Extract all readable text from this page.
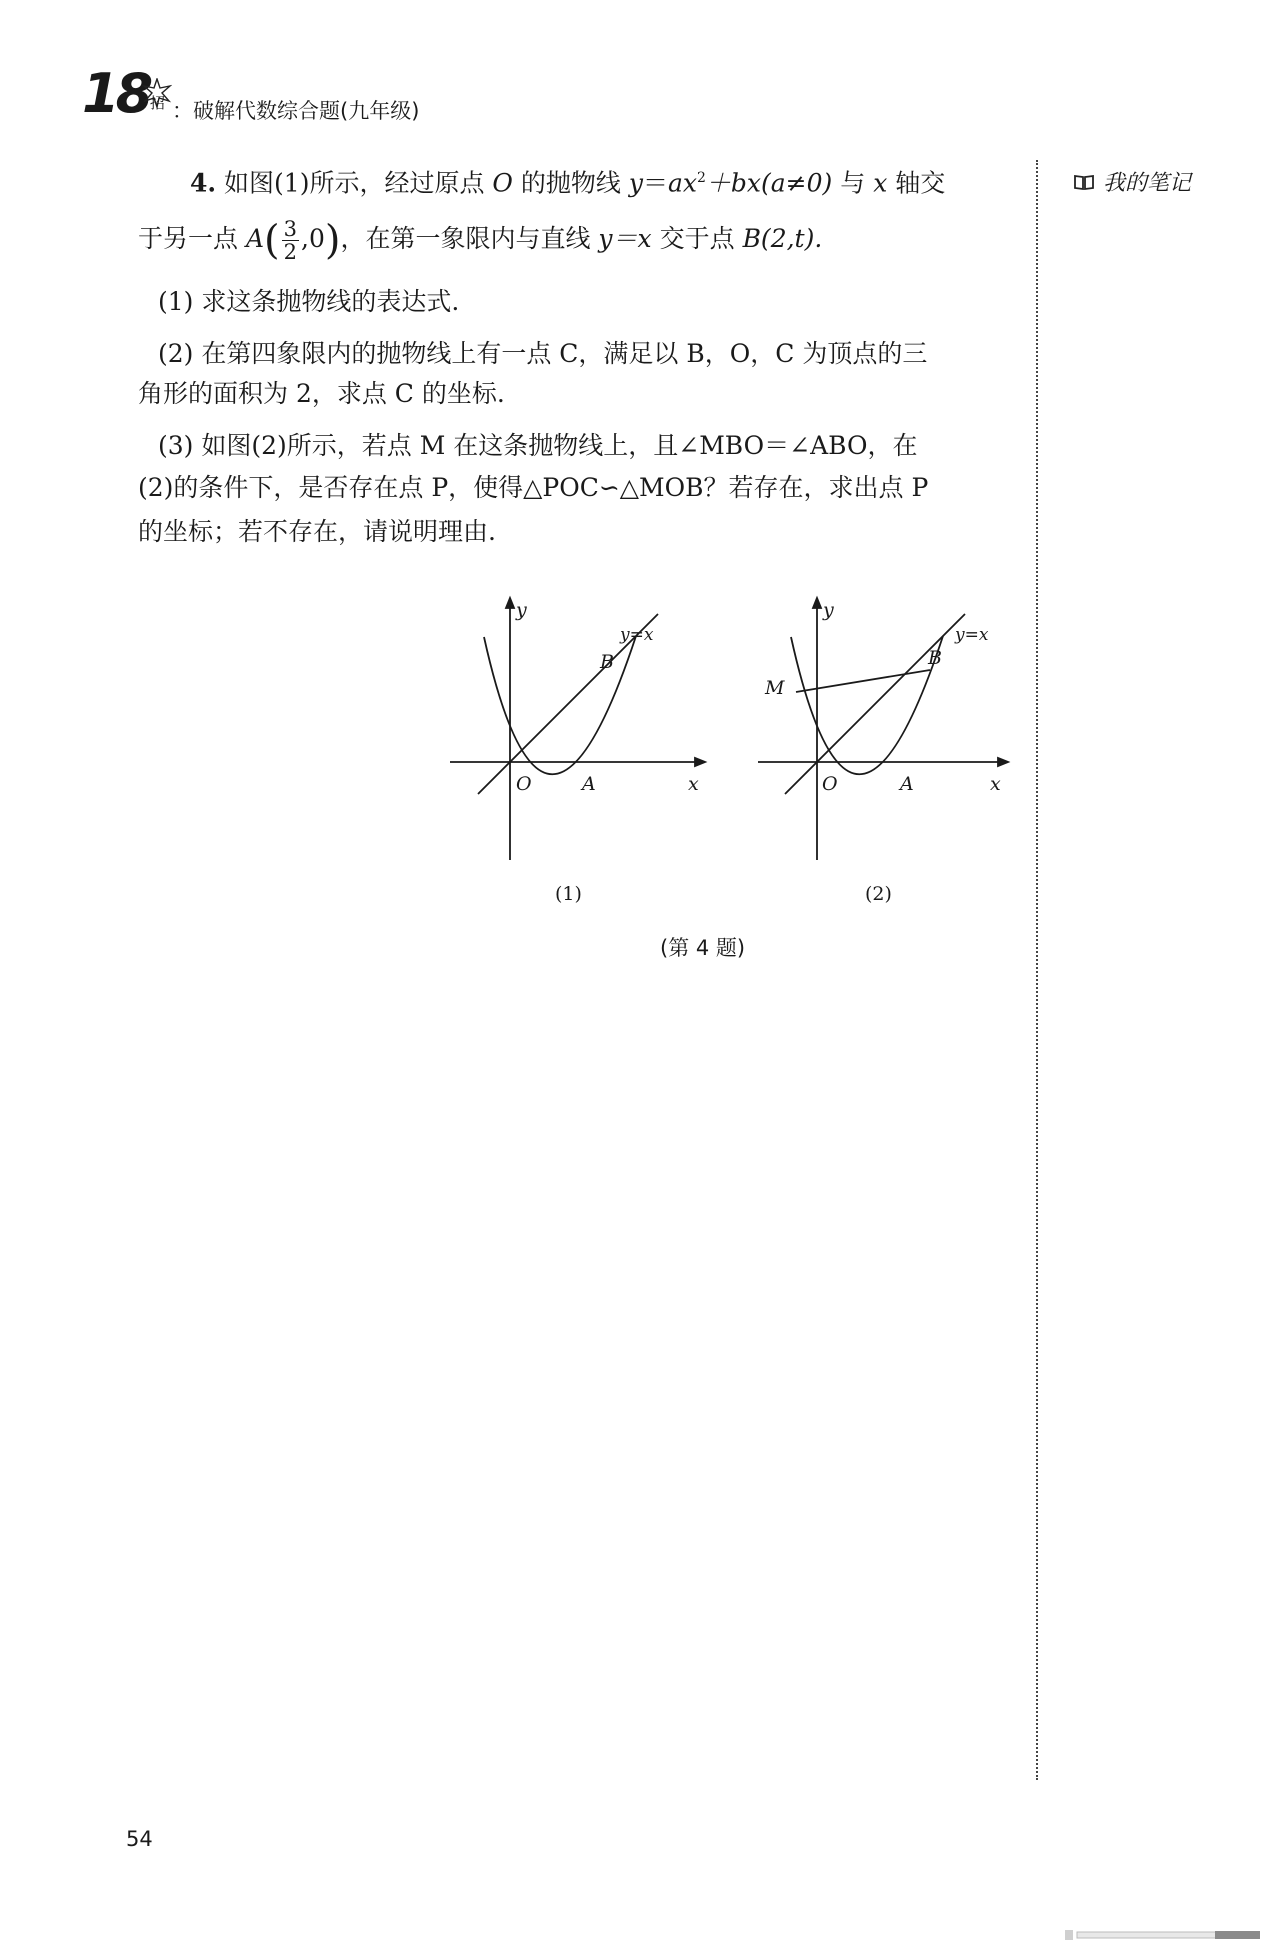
18 招 ：破解代数综合题(九年级)
我的笔记
4. 如图(1)所示，经过原点 O 的抛物线 $y=ax^2+bx(a\ne 0)$ 与 x 轴交
于另一点 $A( \frac{3}{2} ,0)$，在第一象限内与直线 y＝x 交于点 B(2,t).
(1) 求这条抛物线的表达式.
(2) 在第四象限内的抛物线上有一点 C，满足以 B，O，C 为顶点的三
角形的面积为 2，求点 C 的坐标.
(3) 如图(2)所示，若点 M 在这条抛物线上，且∠MBO＝∠ABO，在
(2)的条件下，是否存在点 P，使得△POC∽△MOB？若存在，求出点 P
的坐标；若不存在，请说明理由.
y
x
O	A
B
y=x
(1)
y
x
O	A
B
M
y=x
(2)
(第 4 题)
54
